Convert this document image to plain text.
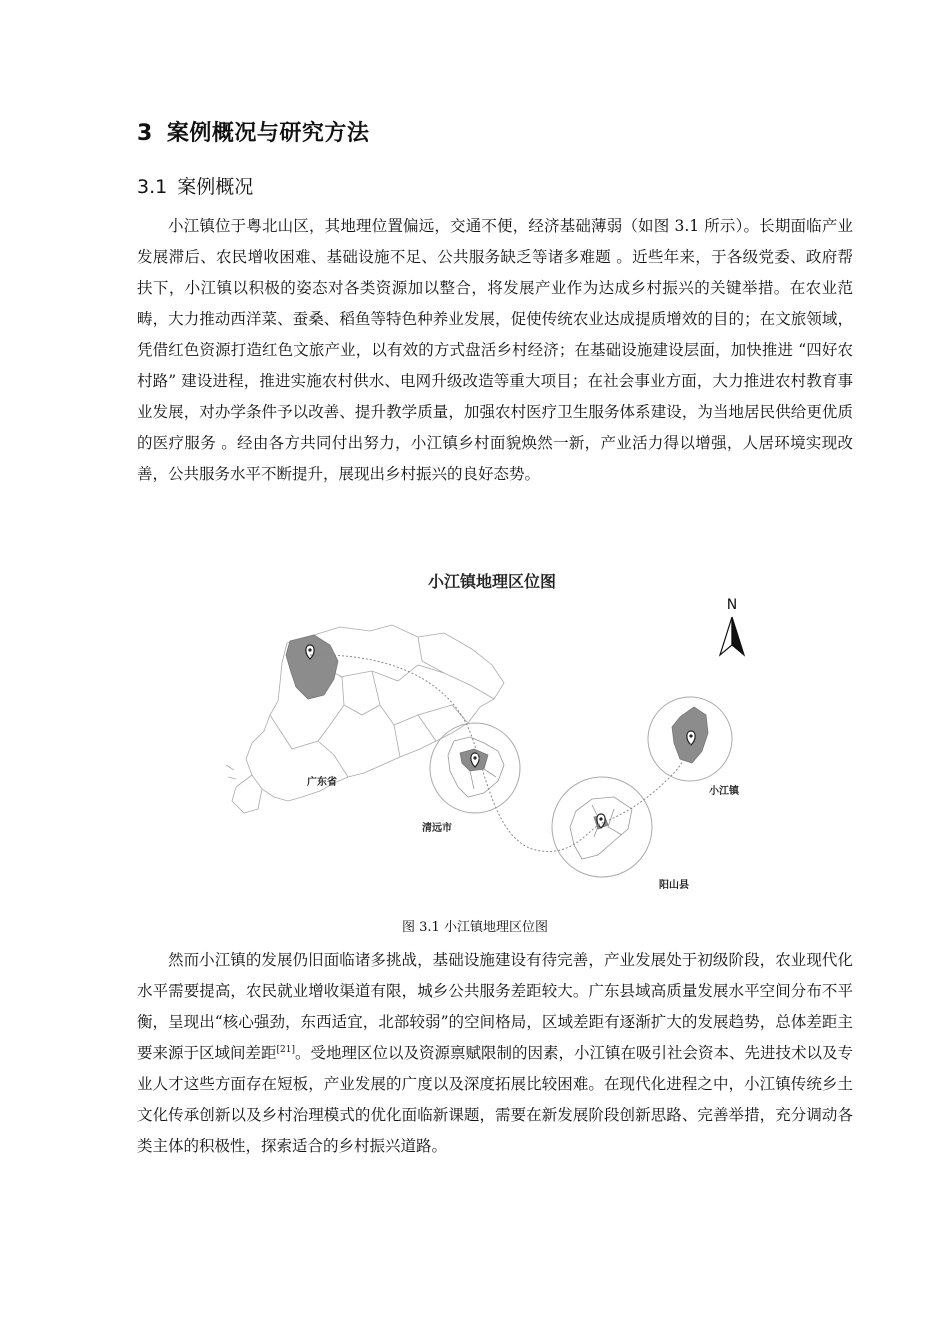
3 案例概况与研究方法
3.1 案例概况

小江镇位于粤北山区，其地理位置偏远，交通不便，经济基础薄弱（如图 3.1 所示）。长期面临产业发展滞后、农民增收困难、基础设施不足、公共服务缺乏等诸多难题 。近些年来，于各级党委、政府帮扶下，小江镇以积极的姿态对各类资源加以整合，将发展产业作为达成乡村振兴的关键举措。在农业范畴，大力推动西洋菜、蚕桑、稻鱼等特色种养业发展，促使传统农业达成提质增效的目的；在文旅领域，凭借红色资源打造红色文旅产业，以有效的方式盘活乡村经济；在基础设施建设层面，加快推进 “四好农村路” 建设进程，推进实施农村供水、电网升级改造等重大项目；在社会事业方面，大力推进农村教育事业发展，对办学条件予以改善、提升教学质量，加强农村医疗卫生服务体系建设，为当地居民供给更优质的医疗服务 。经由各方共同付出努力，小江镇乡村面貌焕然一新，产业活力得以增强，人居环境实现改善，公共服务水平不断提升，展现出乡村振兴的良好态势。

小江镇地理区位图
N
广东省
清远市
阳山县
小江镇
图 3.1 小江镇地理区位图

然而小江镇的发展仍旧面临诸多挑战，基础设施建设有待完善，产业发展处于初级阶段，农业现代化水平需要提高，农民就业增收渠道有限，城乡公共服务差距较大。广东县域高质量发展水平空间分布不平衡，呈现出“核心强劲，东西适宜，北部较弱”的空间格局，区域差距有逐渐扩大的发展趋势，总体差距主要来源于区域间差距[21]。受地理区位以及资源禀赋限制的因素，小江镇在吸引社会资本、先进技术以及专业人才这些方面存在短板，产业发展的广度以及深度拓展比较困难。在现代化进程之中，小江镇传统乡土文化传承创新以及乡村治理模式的优化面临新课题，需要在新发展阶段创新思路、完善举措，充分调动各类主体的积极性，探索适合的乡村振兴道路。
